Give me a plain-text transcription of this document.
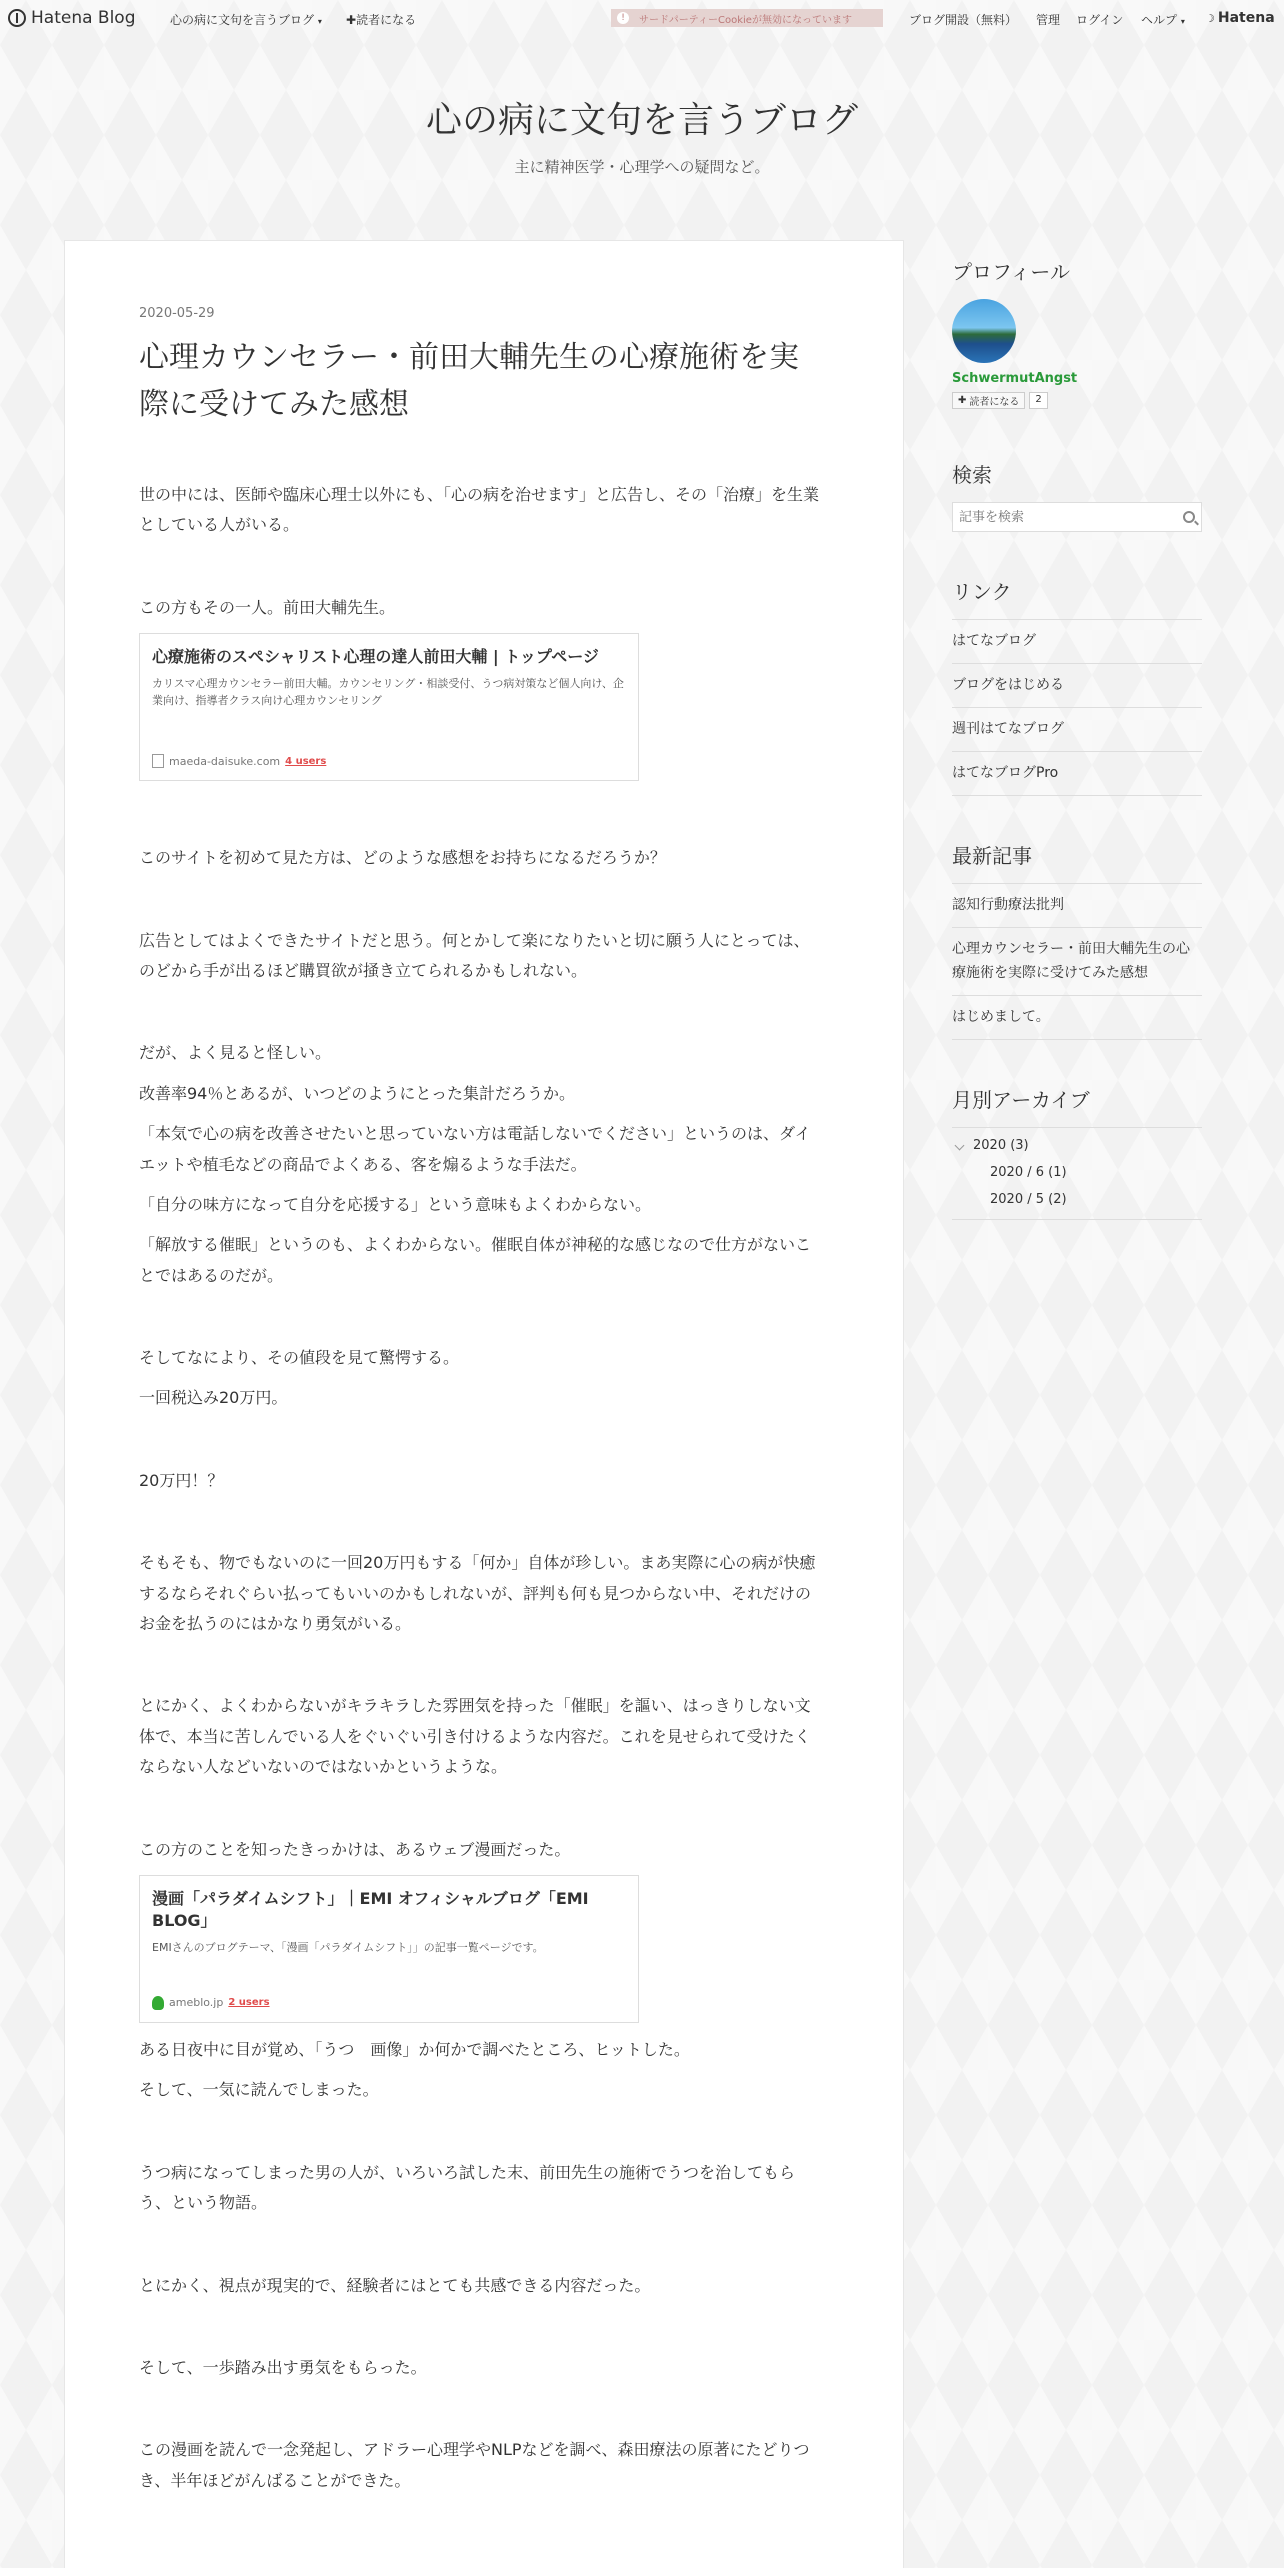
Hatena Blog	心の病に文句を言うブログ ▾ ✚読者になる	!	サードパーティーCookieが無効になっています	ブログ開設（無料） 管理 ログイン ヘルプ ▾ ☽ Hatena
心の病に文句を言うブログ
主に精神医学・心理学への疑問など。
2020-05-29
心理カウンセラー・前田大輔先生の心療施術を実際に受けてみた感想

世の中には、医師や臨床心理士以外にも、「心の病を治せます」と広告し、その「治療」を生業としている人がいる。

この方もその一人。前田大輔先生。

心療施術のスペシャリスト心理の達人前田大輔 | トップページ
カリスマ心理カウンセラー前田大輔。カウンセリング・相談受付、うつ病対策など個人向け、企業向け、指導者クラス向け心理カウンセリング
maeda-daisuke.com 4 users

このサイトを初めて見た方は、どのような感想をお持ちになるだろうか？

広告としてはよくできたサイトだと思う。何とかして楽になりたいと切に願う人にとっては、のどから手が出るほど購買欲が掻き立てられるかもしれない。

だが、よく見ると怪しい。

改善率94％とあるが、いつどのようにとった集計だろうか。

「本気で心の病を改善させたいと思っていない方は電話しないでください」というのは、ダイエットや植毛などの商品でよくある、客を煽るような手法だ。

「自分の味方になって自分を応援する」という意味もよくわからない。

「解放する催眠」というのも、よくわからない。催眠自体が神秘的な感じなので仕方がないことではあるのだが。

そしてなにより、その値段を見て驚愕する。

一回税込み20万円。

20万円！？

そもそも、物でもないのに一回20万円もする「何か」自体が珍しい。まあ実際に心の病が快癒するならそれぐらい払ってもいいのかもしれないが、評判も何も見つからない中、それだけのお金を払うのにはかなり勇気がいる。

とにかく、よくわからないがキラキラした雰囲気を持った「催眠」を謳い、はっきりしない文体で、本当に苦しんでいる人をぐいぐい引き付けるような内容だ。これを見せられて受けたくならない人などいないのではないかというような。

この方のことを知ったきっかけは、あるウェブ漫画だった。

漫画「パラダイムシフト」｜EMI オフィシャルブログ「EMI BLOG」
EMIさんのブログテーマ、「漫画「パラダイムシフト」」の記事一覧ページです。
ameblo.jp 2 users

ある日夜中に目が覚め、「うつ　画像」か何かで調べたところ、ヒットした。

そして、一気に読んでしまった。

うつ病になってしまった男の人が、いろいろ試した末、前田先生の施術でうつを治してもらう、という物語。

とにかく、視点が現実的で、経験者にはとても共感できる内容だった。

そして、一歩踏み出す勇気をもらった。

この漫画を読んで一念発起し、アドラー心理学やNLPなどを調べ、森田療法の原著にたどりつき、半年ほどがんばることができた。

プロフィール
SchwermutAngst
✚ 読者になる	2
検索
記事を検索
リンク
はてなブログ
ブログをはじめる
週刊はてなブログ
はてなブログPro
最新記事
認知行動療法批判
心理カウンセラー・前田大輔先生の心療施術を実際に受けてみた感想
はじめまして。
月別アーカイブ
2020 (3)
2020 / 6 (1)
2020 / 5 (2)
